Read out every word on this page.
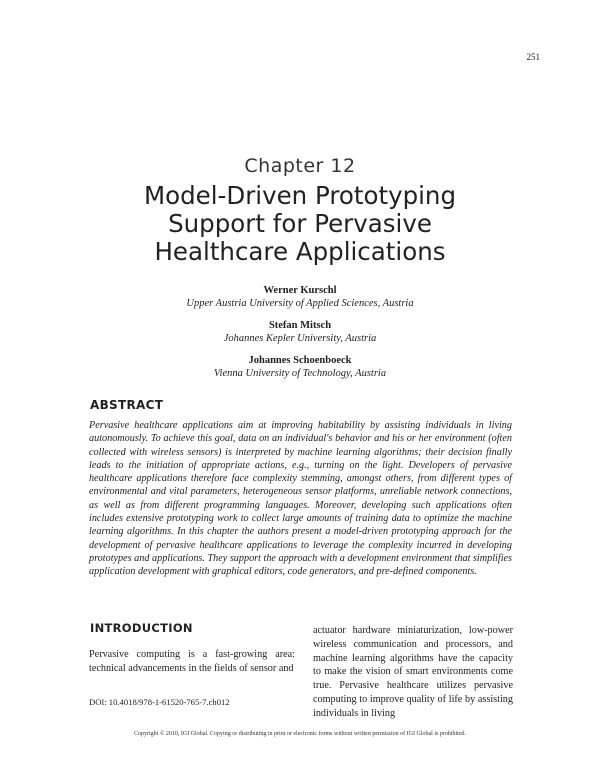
251
Chapter 12
Model-Driven Prototyping
Support for Pervasive
Healthcare Applications
Werner Kurschl
Upper Austria University of Applied Sciences, Austria
Stefan Mitsch
Johannes Kepler University, Austria
Johannes Schoenboeck
Vienna University of Technology, Austria
ABSTRACT
Pervasive healthcare applications aim at improving habitability by assisting individuals in living autonomously. To achieve this goal, data on an individual's behavior and his or her environment (often collected with wireless sensors) is interpreted by machine learning algorithms; their decision finally leads to the initiation of appropriate actions, e.g., turning on the light. Developers of pervasive healthcare applications therefore face complexity stemming, amongst others, from different types of environmental and vital parameters, heterogeneous sensor platforms, unreliable network connections, as well as from different programming languages. Moreover, developing such applications often includes extensive prototyping work to collect large amounts of training data to optimize the machine learning algorithms. In this chapter the authors present a model-driven prototyping approach for the development of pervasive healthcare applications to leverage the complexity incurred in developing prototypes and applications. They support the approach with a development environment that simplifies application development with graphical editors, code generators, and pre-defined components.
INTRODUCTION
Pervasive computing is a fast-growing area: technical advancements in the fields of sensor and
actuator hardware miniaturization, low-power wireless communication and processors, and machine learning algorithms have the capacity to make the vision of smart environments come true. Pervasive healthcare utilizes pervasive computing to improve quality of life by assisting individuals in living
DOI: 10.4018/978-1-61520-765-7.ch012
Copyright © 2010, IGI Global. Copying or distributing in print or electronic forms without written permission of IGI Global is prohibited.
